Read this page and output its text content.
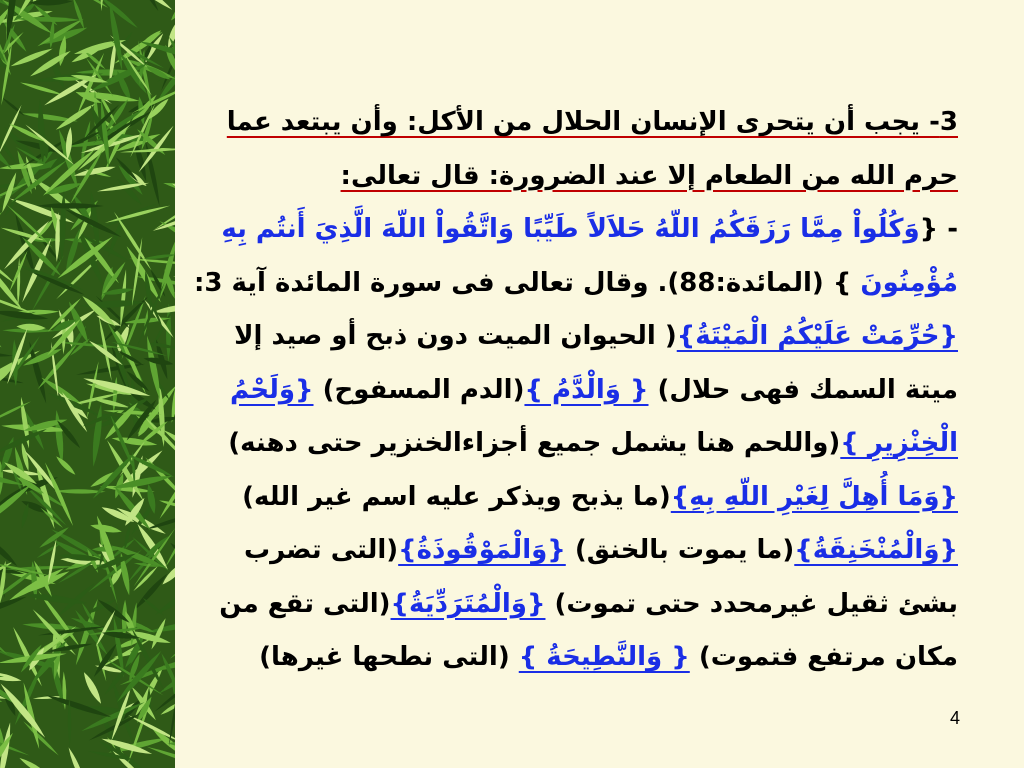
3- يجب أن يتحرى الإنسان الحلال من الأكل: وأن يبتعد عما
حرم الله من الطعام إلا عند الضرورة: قال تعالى:
- {وَكُلُواْ مِمَّا رَزَقَكُمُ اللّهُ حَلاَلاً طَيِّبًا وَاتَّقُواْ اللّهَ الَّذِيَ أَنتُم بِهِ
مُؤْمِنُونَ } (المائدة:88). وقال تعالى فى سورة المائدة آية 3:
{حُرِّمَتْ عَلَيْكُمُ الْمَيْتَةُ}( الحيوان الميت دون ذبح أو صيد إلا
ميتة السمك فهى حلال) { وَالْدَّمُ }(الدم المسفوح) {وَلَحْمُ
الْخِنْزِيرِ }(واللحم هنا يشمل جميع أجزاءالخنزير حتى دهنه)
{وَمَا أُهِلَّ لِغَيْرِ اللّهِ بِهِ}(ما يذبح ويذكر عليه اسم غير الله)
{وَالْمُنْخَنِقَةُ}(ما يموت بالخنق) {وَالْمَوْقُوذَةُ}(التى تضرب
بشئ ثقيل غيرمحدد حتى تموت) {وَالْمُتَرَدِّيَةُ}(التى تقع من
مكان مرتفع فتموت) { وَالنَّطِيحَةُ } (التى نطحها غيرها)
4
